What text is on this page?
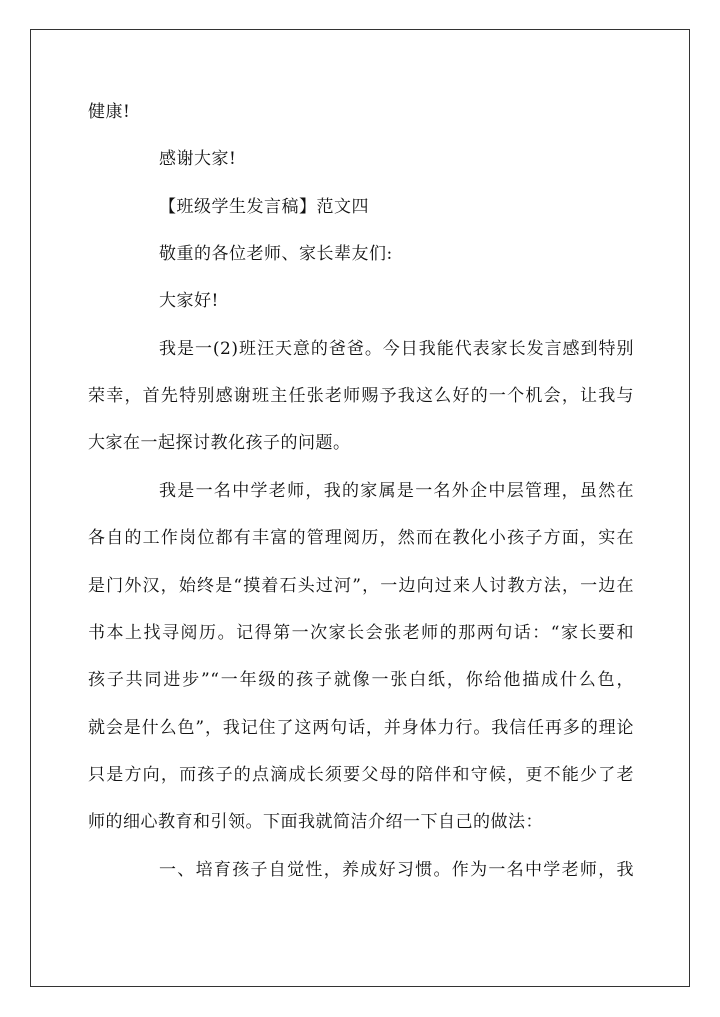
健康!
感谢大家!
【班级学生发言稿】范文四
敬重的各位老师、家长辈友们:
大家好!
我是一(2)班汪天意的爸爸。今日我能代表家长发言感到特别
荣幸，首先特别感谢班主任张老师赐予我这么好的一个机会，让我与
大家在一起探讨教化孩子的问题。
我是一名中学老师，我的家属是一名外企中层管理，虽然在
各自的工作岗位都有丰富的管理阅历，然而在教化小孩子方面，实在
是门外汉，始终是“摸着石头过河”，一边向过来人讨教方法，一边在
书本上找寻阅历。记得第一次家长会张老师的那两句话：“家长要和
孩子共同进步”“一年级的孩子就像一张白纸，你给他描成什么色，
就会是什么色”，我记住了这两句话，并身体力行。我信任再多的理论
只是方向，而孩子的点滴成长须要父母的陪伴和守候，更不能少了老
师的细心教育和引领。下面我就简洁介绍一下自己的做法：
一、培育孩子自觉性，养成好习惯。作为一名中学老师，我
